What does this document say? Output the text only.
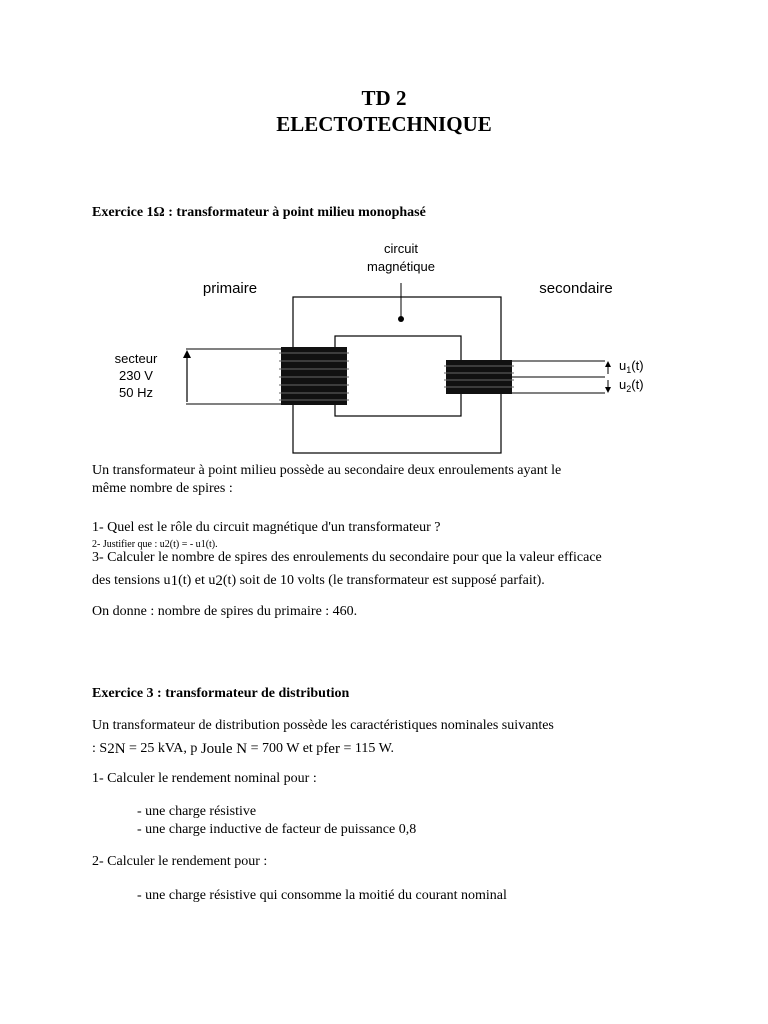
TD 2
ELECTOTECHNIQUE
Exercice 1Ω : transformateur à point milieu monophasé
circuit
magnétique
primaire	secondaire
secteur
230 V
50 Hz
$u_1(t)$
$u_2(t)$
Un transformateur à point milieu possède au secondaire deux enroulements ayant le
même nombre de spires :
1- Quel est le rôle du circuit magnétique d'un transformateur ?
2- Justifier que : u2(t) = - u1(t).
3- Calculer le nombre de spires des enroulements du secondaire pour que la valeur efficace
des tensions u1(t) et u2(t) soit de 10 volts (le transformateur est supposé parfait).
On donne : nombre de spires du primaire : 460.
Exercice 3 : transformateur de distribution
Un transformateur de distribution possède les caractéristiques nominales suivantes
: S2N = 25 kVA, p Joule N = 700 W et pfer = 115 W.
1- Calculer le rendement nominal pour :
- une charge résistive
- une charge inductive de facteur de puissance 0,8
2- Calculer le rendement pour :
- une charge résistive qui consomme la moitié du courant nominal
